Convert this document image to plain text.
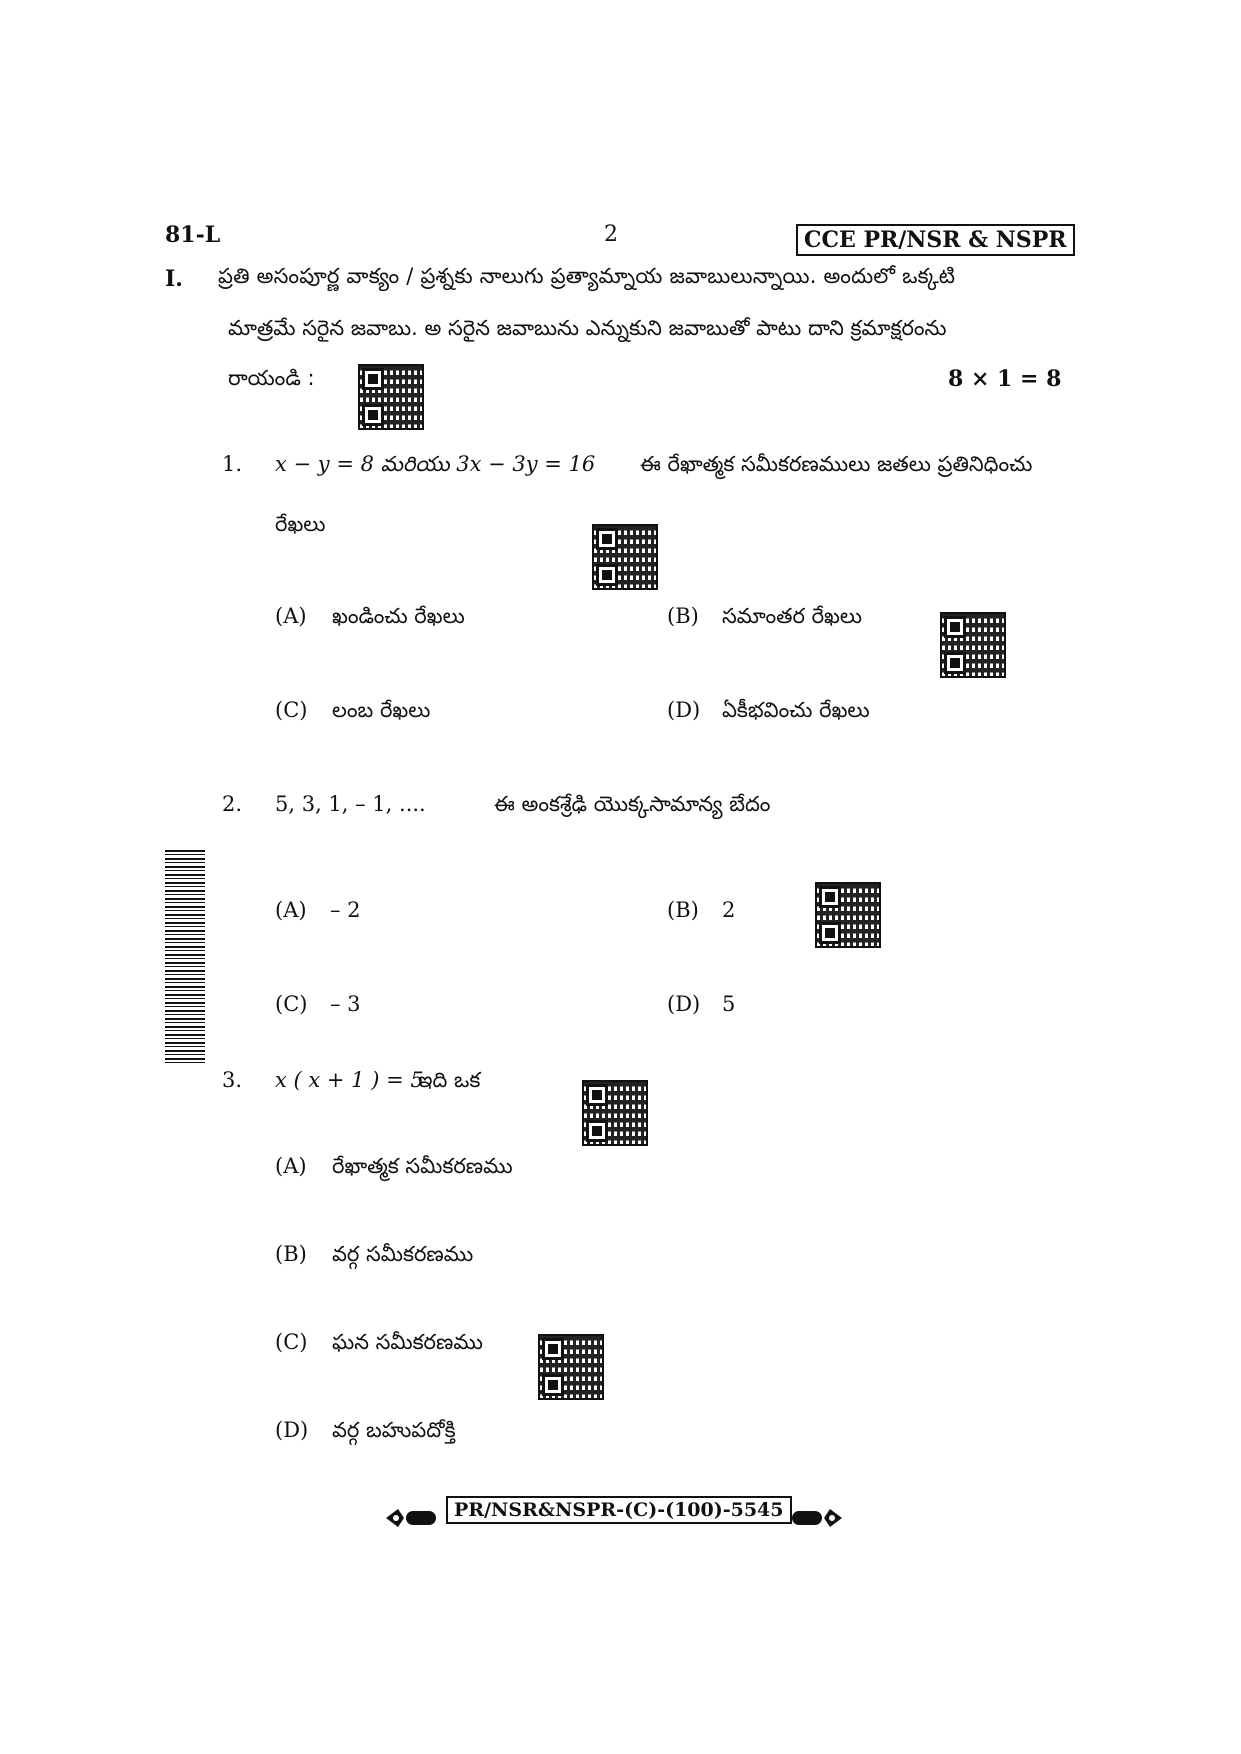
81-L	2	CCE PR/NSR & NSPR
I. ప్రతి అసంపూర్ణ వాక్యం / ప్రశ్నకు నాలుగు ప్రత్యామ్నాయ జవాబులున్నాయి. అందులో ఒక్కటి
మాత్రమే సరైన జవాబు. అ సరైన జవాబును ఎన్నుకుని జవాబుతో పాటు దాని క్రమాక్షరంను
రాయండి :	8 × 1 = 8
1. x − y = 8 మరియు 3x − 3y = 16 ఈ రేఖాత్మక సమీకరణములు జతలు ప్రతినిధించు
రేఖలు
(A) ఖండించు రేఖలు	(B) సమాంతర రేఖలు
(C) లంబ రేఖలు	(D) ఏకీభవించు రేఖలు
2. 5, 3, 1, – 1, ....	ఈ అంకశ్రేఢి యొక్కసామాన్య బేదం
(A) – 2	(B) 2
(C) – 3	(D) 5
3. x ( x + 1 ) = 5
ఇది ఒక
(A) రేఖాత్మక సమీకరణము
(B) వర్గ సమీకరణము
(C) ఘన సమీకరణము
(D) వర్గ బహుపదోక్తి
PR/NSR&NSPR-(C)-(100)-5545
